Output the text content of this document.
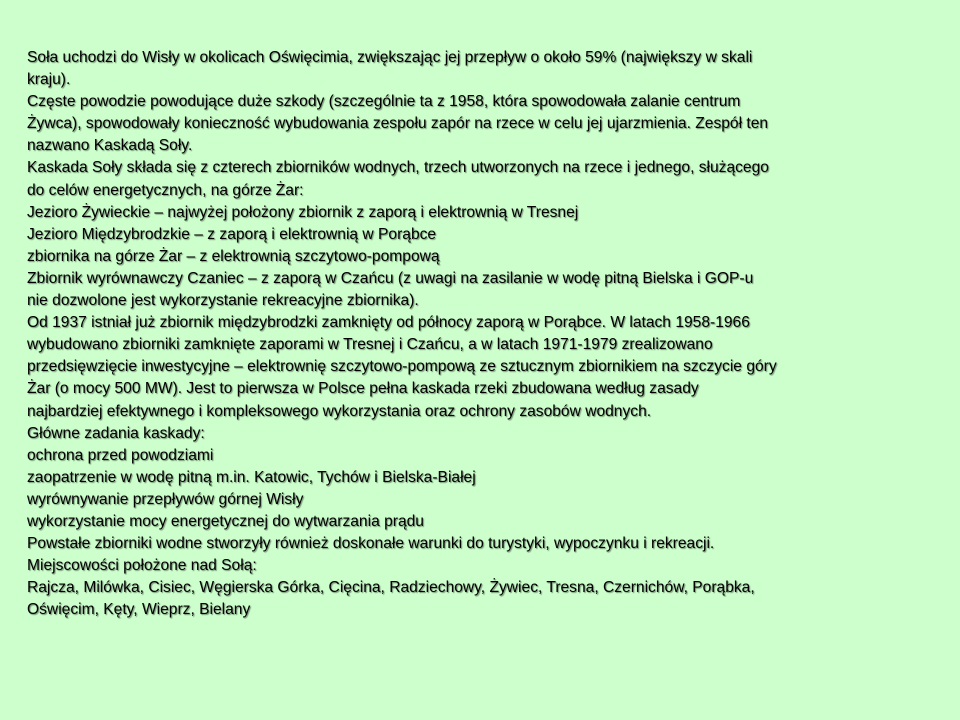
Soła uchodzi do Wisły w okolicach Oświęcimia, zwiększając jej przepływ o około 59% (największy w skali
kraju).
Częste powodzie powodujące duże szkody (szczególnie ta z 1958, która spowodowała zalanie centrum
Żywca), spowodowały konieczność wybudowania zespołu zapór na rzece w celu jej ujarzmienia. Zespół ten
nazwano Kaskadą Soły.
Kaskada Soły składa się z czterech zbiorników wodnych, trzech utworzonych na rzece i jednego, służącego
do celów energetycznych, na górze Żar:
Jezioro Żywieckie – najwyżej położony zbiornik z zaporą i elektrownią w Tresnej
Jezioro Międzybrodzkie – z zaporą i elektrownią w Porąbce
zbiornika na górze Żar – z elektrownią szczytowo-pompową
Zbiornik wyrównawczy Czaniec – z zaporą w Czańcu (z uwagi na zasilanie w wodę pitną Bielska i GOP-u
nie dozwolone jest wykorzystanie rekreacyjne zbiornika).
Od 1937 istniał już zbiornik międzybrodzki zamknięty od północy zaporą w Porąbce. W latach 1958-1966
wybudowano zbiorniki zamknięte zaporami w Tresnej i Czańcu, a w latach 1971-1979 zrealizowano
przedsięwzięcie inwestycyjne – elektrownię szczytowo-pompową ze sztucznym zbiornikiem na szczycie góry
Żar (o mocy 500 MW). Jest to pierwsza w Polsce pełna kaskada rzeki zbudowana według zasady
najbardziej efektywnego i kompleksowego wykorzystania oraz ochrony zasobów wodnych.
Główne zadania kaskady:
ochrona przed powodziami
zaopatrzenie w wodę pitną m.in. Katowic, Tychów i Bielska-Białej
wyrównywanie przepływów górnej Wisły
wykorzystanie mocy energetycznej do wytwarzania prądu
Powstałe zbiorniki wodne stworzyły również doskonałe warunki do turystyki, wypoczynku i rekreacji.
Miejscowości położone nad Sołą:
Rajcza, Milówka, Cisiec, Węgierska Górka, Cięcina, Radziechowy, Żywiec, Tresna, Czernichów, Porąbka,
Oświęcim, Kęty, Wieprz, Bielany
